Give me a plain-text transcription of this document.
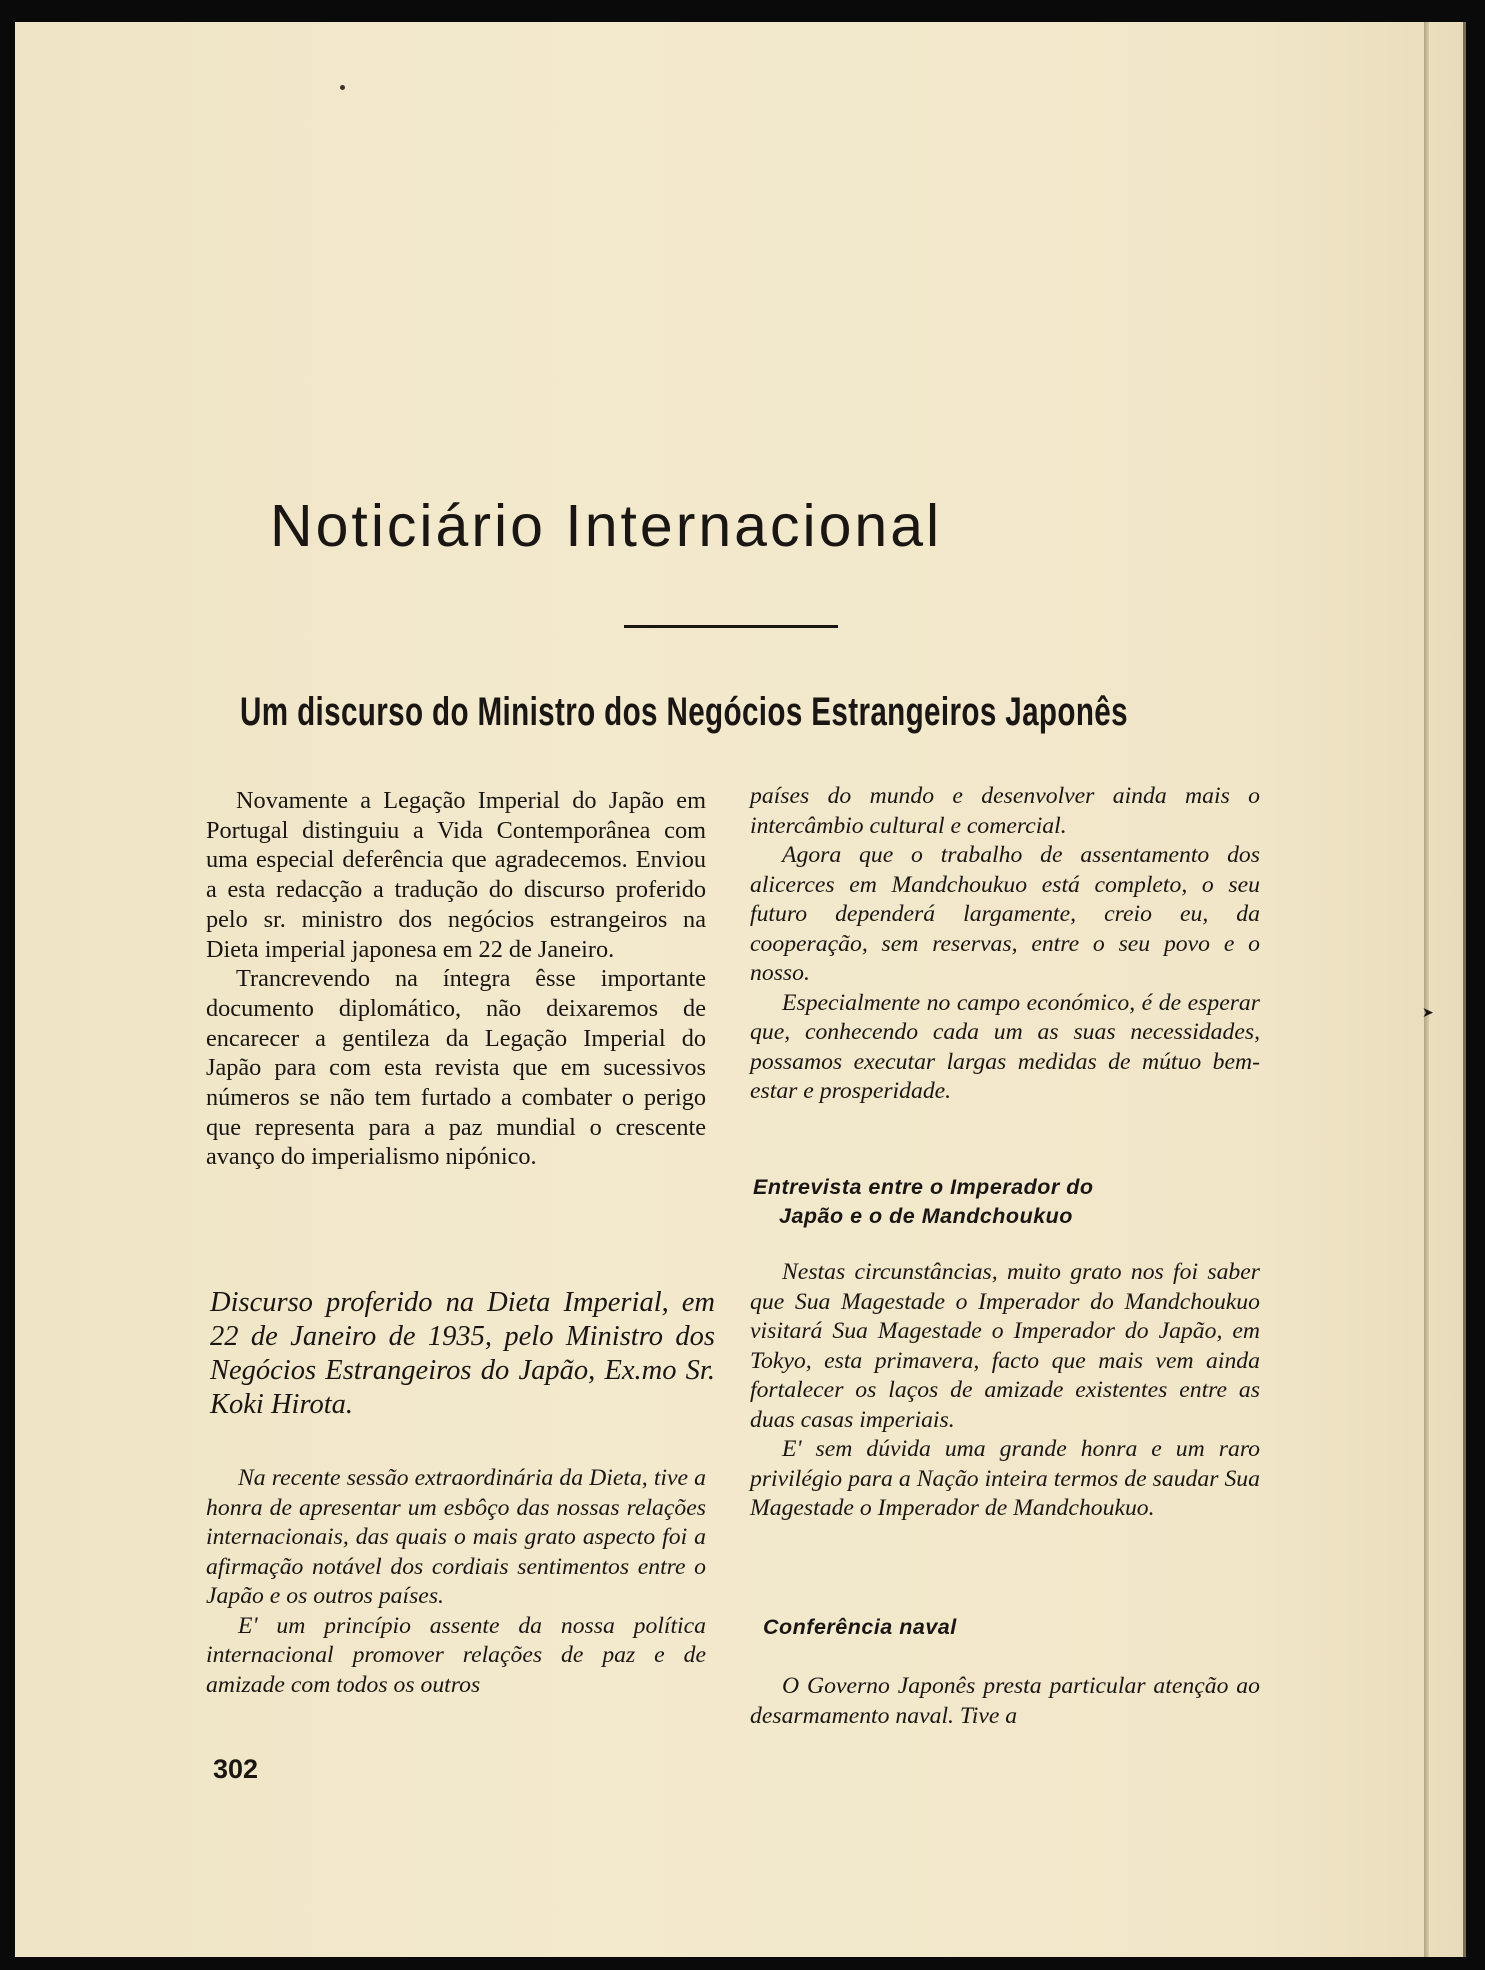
➤
Noticiário Internacional
Um discurso do Ministro dos Negócios Estrangeiros Japonês

Novamente a Legação Imperial do Japão em Portugal distinguiu a Vida Contemporânea com uma especial deferência que agradecemos. Enviou a esta redacção a tradução do discurso proferido pelo sr. ministro dos negócios estrangeiros na Dieta imperial japonesa em 22 de Janeiro.

Trancrevendo na íntegra êsse importante documento diplomático, não deixaremos de encarecer a gentileza da Legação Imperial do Japão para com esta revista que em sucessivos números se não tem furtado a combater o perigo que representa para a paz mundial o crescente avanço do imperialismo nipónico.

Discurso proferido na Dieta Imperial, em 22 de Janeiro de 1935, pelo Ministro dos Negócios Estrangeiros do Japão, Ex.mo Sr. Koki Hirota.

Na recente sessão extraordinária da Dieta, tive a honra de apresentar um esbôço das nossas relações internacionais, das quais o mais grato aspecto foi a afirmação notável dos cordiais sentimentos entre o Japão e os outros países.

E' um princípio assente da nossa política internacional promover relações de paz e de amizade com todos os outros

países do mundo e desenvolver ainda mais o intercâmbio cultural e comercial.

Agora que o trabalho de assentamento dos alicerces em Mandchoukuo está completo, o seu futuro dependerá largamente, creio eu, da cooperação, sem reservas, entre o seu povo e o nosso.

Especialmente no campo económico, é de esperar que, conhecendo cada um as suas necessidades, possamos executar largas medidas de mútuo bem-estar e prosperidade.

Entrevista entre o Imperador do
Japão e o de Mandchoukuo

Nestas circunstâncias, muito grato nos foi saber que Sua Magestade o Imperador do Mandchoukuo visitará Sua Magestade o Imperador do Japão, em Tokyo, esta primavera, facto que mais vem ainda fortalecer os laços de amizade existentes entre as duas casas imperiais.

E' sem dúvida uma grande honra e um raro privilégio para a Nação inteira termos de saudar Sua Magestade o Imperador de Mandchoukuo.

Conferência naval

O Governo Japonês presta particular atenção ao desarmamento naval. Tive a

302
